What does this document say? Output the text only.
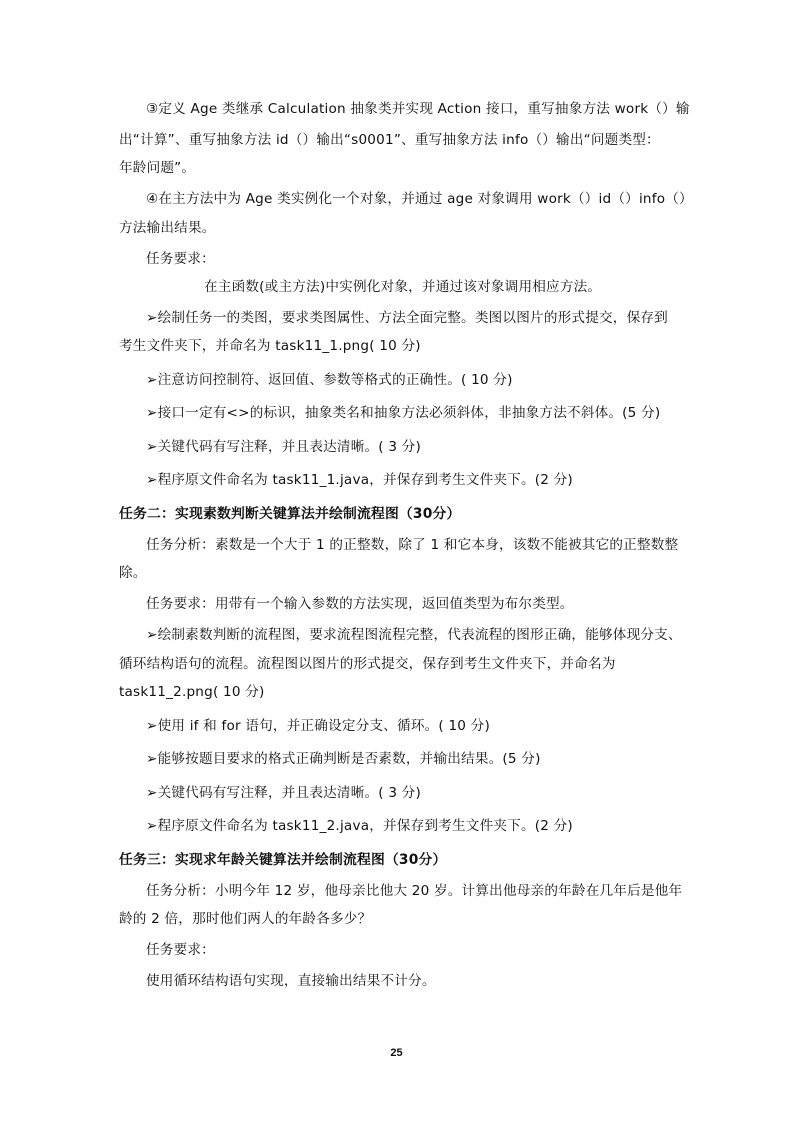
③定义 Age 类继承 Calculation 抽象类并实现 Action 接口，重写抽象方法 work（）输
出“计算”、重写抽象方法 id（）输出“s0001”、重写抽象方法 info（）输出“问题类型：
年龄问题”。
④在主方法中为 Age 类实例化一个对象，并通过 age 对象调用 work（）id（）info（）
方法输出结果。
任务要求：
在主函数(或主方法)中实例化对象，并通过该对象调用相应方法。
➢绘制任务一的类图，要求类图属性、方法全面完整。类图以图片的形式提交，保存到
考生文件夹下，并命名为 task11_1.png( 10 分)
➢注意访问控制符、返回值、参数等格式的正确性。( 10 分)
➢接口一定有<>的标识，抽象类名和抽象方法必须斜体，非抽象方法不斜体。(5 分)
➢关键代码有写注释，并且表达清晰。( 3 分)
➢程序原文件命名为 task11_1.java，并保存到考生文件夹下。(2 分)
任务二：实现素数判断关键算法并绘制流程图（30分）
任务分析：素数是一个大于 1 的正整数，除了 1 和它本身，该数不能被其它的正整数整
除。
任务要求：用带有一个输入参数的方法实现，返回值类型为布尔类型。
➢绘制素数判断的流程图，要求流程图流程完整，代表流程的图形正确，能够体现分支、
循环结构语句的流程。流程图以图片的形式提交，保存到考生文件夹下，并命名为
task11_2.png( 10 分)
➢使用 if 和 for 语句，并正确设定分支、循环。( 10 分)
➢能够按题目要求的格式正确判断是否素数，并输出结果。(5 分)
➢关键代码有写注释，并且表达清晰。( 3 分)
➢程序原文件命名为 task11_2.java，并保存到考生文件夹下。(2 分)
任务三：实现求年龄关键算法并绘制流程图（30分）
任务分析：小明今年 12 岁，他母亲比他大 20 岁。计算出他母亲的年龄在几年后是他年
龄的 2 倍，那时他们两人的年龄各多少？
任务要求：
使用循环结构语句实现，直接输出结果不计分。
25
